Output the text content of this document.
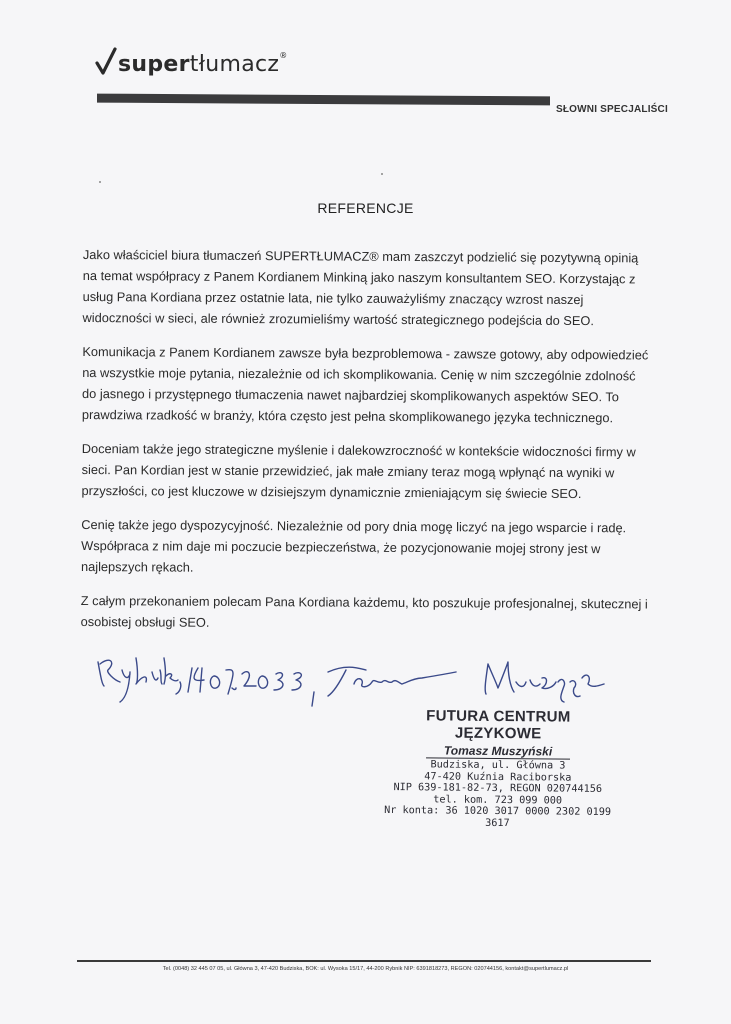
supertłumacz®
SŁOWNI SPECJALIŚCI
REFERENCJE

Jako właściciel biura tłumaczeń SUPERTŁUMACZ® mam zaszczyt podzielić się pozytywną opinią na temat współpracy z Panem Kordianem Minkiną jako naszym konsultantem SEO. Korzystając z usług Pana Kordiana przez ostatnie lata, nie tylko zauważyliśmy znaczący wzrost naszej widoczności w sieci, ale również zrozumieliśmy wartość strategicznego podejścia do SEO.

Komunikacja z Panem Kordianem zawsze była bezproblemowa - zawsze gotowy, aby odpowiedzieć na wszystkie moje pytania, niezależnie od ich skomplikowania. Cenię w nim szczególnie zdolność do jasnego i przystępnego tłumaczenia nawet najbardziej skomplikowanych aspektów SEO. To prawdziwa rzadkość w branży, która często jest pełna skomplikowanego języka technicznego.

Doceniam także jego strategiczne myślenie i dalekowzroczność w kontekście widoczności firmy w sieci. Pan Kordian jest w stanie przewidzieć, jak małe zmiany teraz mogą wpłynąć na wyniki w przyszłości, co jest kluczowe w dzisiejszym dynamicznie zmieniającym się świecie SEO.

Cenię także jego dyspozycyjność. Niezależnie od pory dnia mogę liczyć na jego wsparcie i radę. Współpraca z nim daje mi poczucie bezpieczeństwa, że pozycjonowanie mojej strony jest w najlepszych rękach.

Z całym przekonaniem polecam Pana Kordiana każdemu, kto poszukuje profesjonalnej, skutecznej i osobistej obsługi SEO.

FUTURA CENTRUM JĘZYKOWE
Tomasz Muszyński
Budziska, ul. Główna 3
47-420 Kuźnia Raciborska
NIP 639-181-82-73, REGON 020744156
tel. kom. 723 099 000
Nr konta: 36 1020 3017 0000 2302 0199 3617
Tel. (0048) 32 445 07 05, ul. Główna 3, 47-420 Budziska, BOK: ul. Wysoka 15/17, 44-200 Rybnik NIP: 6391818273, REGON: 020744156, kontakt@supertlumacz.pl
